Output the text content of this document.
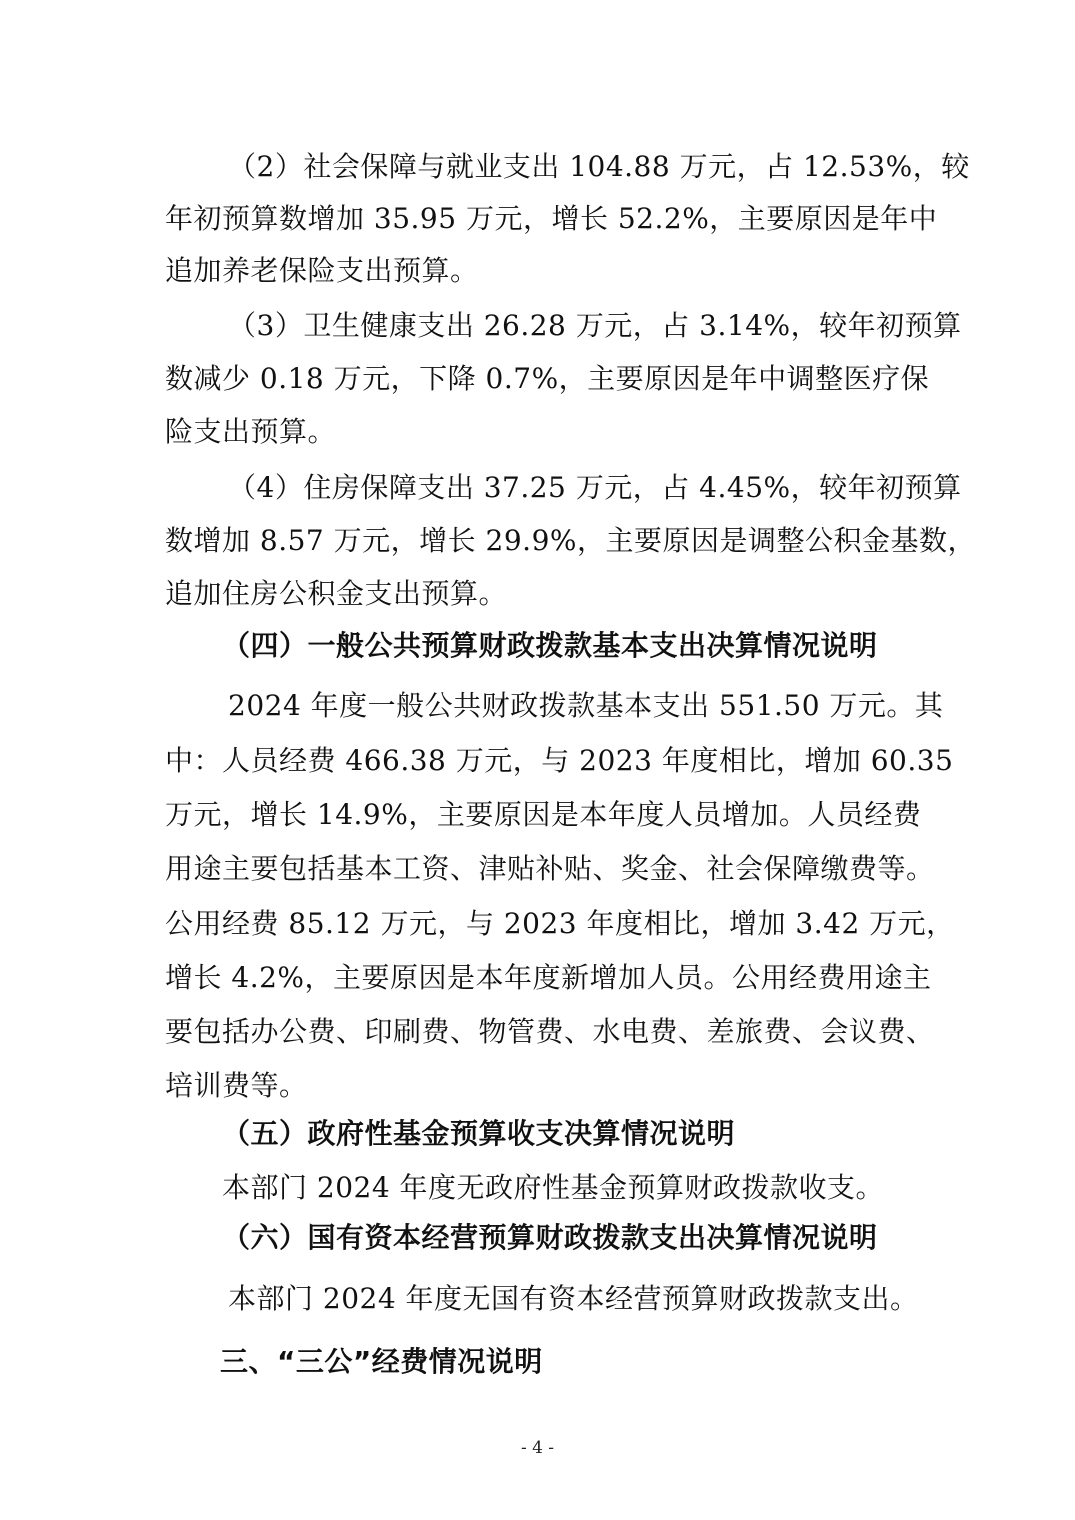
（2）社会保障与就业支出 104.88 万元，占 12.53%，较
年初预算数增加 35.95 万元，增长 52.2%，主要原因是年中
追加养老保险支出预算。
（3）卫生健康支出 26.28 万元，占 3.14%，较年初预算
数减少 0.18 万元，下降 0.7%，主要原因是年中调整医疗保
险支出预算。
（4）住房保障支出 37.25 万元，占 4.45%，较年初预算
数增加 8.57 万元，增长 29.9%，主要原因是调整公积金基数，
追加住房公积金支出预算。
（四）一般公共预算财政拨款基本支出决算情况说明
2024 年度一般公共财政拨款基本支出 551.50 万元。其
中：人员经费 466.38 万元，与 2023 年度相比，增加 60.35
万元，增长 14.9%，主要原因是本年度人员增加。人员经费
用途主要包括基本工资、津贴补贴、奖金、社会保障缴费等。
公用经费 85.12 万元，与 2023 年度相比，增加 3.42 万元，
增长 4.2%，主要原因是本年度新增加人员。公用经费用途主
要包括办公费、印刷费、物管费、水电费、差旅费、会议费、
培训费等。
（五）政府性基金预算收支决算情况说明
本部门 2024 年度无政府性基金预算财政拨款收支。
（六）国有资本经营预算财政拨款支出决算情况说明
本部门 2024 年度无国有资本经营预算财政拨款支出。
三、“三公”经费情况说明
- 4 -
